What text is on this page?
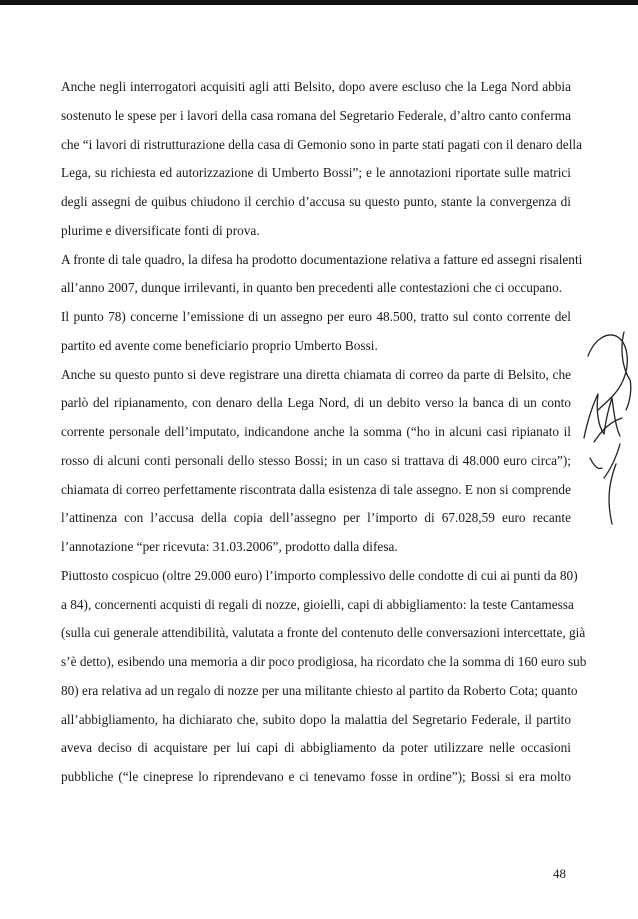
Anche negli interrogatori acquisiti agli atti Belsito, dopo avere escluso che la Lega Nord abbia
sostenuto le spese per i lavori della casa romana del Segretario Federale, d’altro canto conferma
che “i lavori di ristrutturazione della casa di Gemonio sono in parte stati pagati con il denaro della
Lega, su richiesta ed autorizzazione di Umberto Bossi”; e le annotazioni riportate sulle matrici
degli assegni de quibus chiudono il cerchio d’accusa su questo punto, stante la convergenza di
plurime e diversificate fonti di prova.
A fronte di tale quadro, la difesa ha prodotto documentazione relativa a fatture ed assegni risalenti
all’anno 2007, dunque irrilevanti, in quanto ben precedenti alle contestazioni che ci occupano.
Il punto 78) concerne l’emissione di un assegno per euro 48.500, tratto sul conto corrente del
partito ed avente come beneficiario proprio Umberto Bossi.
Anche su questo punto si deve registrare una diretta chiamata di correo da parte di Belsito, che
parlò del ripianamento, con denaro della Lega Nord, di un debito verso la banca di un conto
corrente personale dell’imputato, indicandone anche la somma (“ho in alcuni casi ripianato il
rosso di alcuni conti personali dello stesso Bossi; in un caso si trattava di 48.000 euro circa”);
chiamata di correo perfettamente riscontrata dalla esistenza di tale assegno. E non si comprende
l’attinenza con l’accusa della copia dell’assegno per l’importo di 67.028,59 euro recante
l’annotazione “per ricevuta: 31.03.2006”, prodotto dalla difesa.
Piuttosto cospicuo (oltre 29.000 euro) l’importo complessivo delle condotte di cui ai punti da 80)
a 84), concernenti acquisti di regali di nozze, gioielli, capi di abbigliamento: la teste Cantamessa
(sulla cui generale attendibilità, valutata a fronte del contenuto delle conversazioni intercettate, già
s’è detto), esibendo una memoria a dir poco prodigiosa, ha ricordato che la somma di 160 euro sub
80) era relativa ad un regalo di nozze per una militante chiesto al partito da Roberto Cota; quanto
all’abbigliamento, ha dichiarato che, subito dopo la malattia del Segretario Federale, il partito
aveva deciso di acquistare per lui capi di abbigliamento da poter utilizzare nelle occasioni
pubbliche (“le cineprese lo riprendevano e ci tenevamo fosse in ordine”); Bossi si era molto
48
